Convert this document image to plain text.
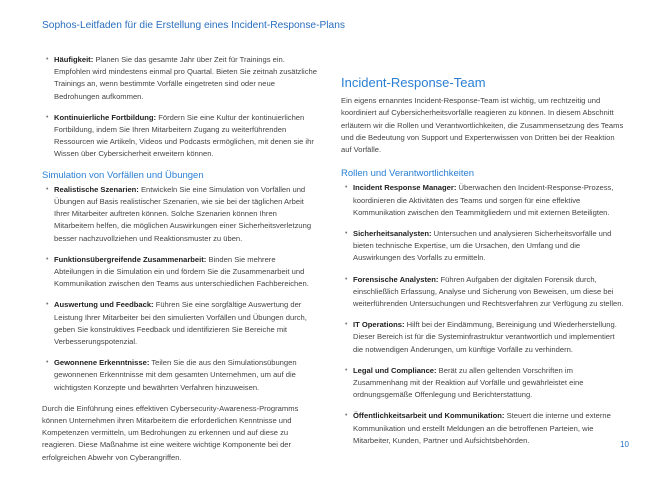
Sophos-Leitfaden für die Erstellung eines Incident-Response-Plans
• Häufigkeit: Planen Sie das gesamte Jahr über Zeit für Trainings ein. Empfohlen wird mindestens einmal pro Quartal. Bieten Sie zeitnah zusätzliche Trainings an, wenn bestimmte Vorfälle eingetreten sind oder neue Bedrohungen aufkommen.
• Kontinuierliche Fortbildung: Fördern Sie eine Kultur der kontinuierlichen Fortbildung, indem Sie Ihren Mitarbeitern Zugang zu weiterführenden Ressourcen wie Artikeln, Videos und Podcasts ermöglichen, mit denen sie ihr Wissen über Cybersicherheit erweitern können.
Simulation von Vorfällen und Übungen
• Realistische Szenarien: Entwickeln Sie eine Simulation von Vorfällen und Übungen auf Basis realistischer Szenarien, wie sie bei der täglichen Arbeit Ihrer Mitarbeiter auftreten können. Solche Szenarien können Ihren Mitarbeitern helfen, die möglichen Auswirkungen einer Sicherheitsverletzung besser nachzuvollziehen und Reaktionsmuster zu üben.
• Funktionsübergreifende Zusammenarbeit: Binden Sie mehrere Abteilungen in die Simulation ein und fördern Sie die Zusammenarbeit und Kommunikation zwischen den Teams aus unterschiedlichen Fachbereichen.
• Auswertung und Feedback: Führen Sie eine sorgfältige Auswertung der Leistung Ihrer Mitarbeiter bei den simulierten Vorfällen und Übungen durch, geben Sie konstruktives Feedback und identifizieren Sie Bereiche mit Verbesserungspotenzial.
• Gewonnene Erkenntnisse: Teilen Sie die aus den Simulationsübungen gewonnenen Erkenntnisse mit dem gesamten Unternehmen, um auf die wichtigsten Konzepte und bewährten Verfahren hinzuweisen.

Durch die Einführung eines effektiven Cybersecurity-Awareness-Programms können Unternehmen ihren Mitarbeitern die erforderlichen Kenntnisse und Kompetenzen vermitteln, um Bedrohungen zu erkennen und auf diese zu reagieren. Diese Maßnahme ist eine weitere wichtige Komponente bei der erfolgreichen Abwehr von Cyberangriffen.

Incident-Response-Team

Ein eigens ernanntes Incident-Response-Team ist wichtig, um rechtzeitig und koordiniert auf Cybersicherheitsvorfälle reagieren zu können. In diesem Abschnitt erläutern wir die Rollen und Verantwortlichkeiten, die Zusammensetzung des Teams und die Bedeutung von Support und Expertenwissen von Dritten bei der Reaktion auf Vorfälle.

Rollen und Verantwortlichkeiten
• Incident Response Manager: Überwachen den Incident-Response-Prozess, koordinieren die Aktivitäten des Teams und sorgen für eine effektive Kommunikation zwischen den Teammitgliedern und mit externen Beteiligten.
• Sicherheitsanalysten: Untersuchen und analysieren Sicherheitsvorfälle und bieten technische Expertise, um die Ursachen, den Umfang und die Auswirkungen des Vorfalls zu ermitteln.
• Forensische Analysten: Führen Aufgaben der digitalen Forensik durch, einschließlich Erfassung, Analyse und Sicherung von Beweisen, um diese bei weiterführenden Untersuchungen und Rechtsverfahren zur Verfügung zu stellen.
• IT Operations: Hilft bei der Eindämmung, Bereinigung und Wiederherstellung. Dieser Bereich ist für die Systeminfrastruktur verantwortlich und implementiert die notwendigen Änderungen, um künftige Vorfälle zu verhindern.
• Legal und Compliance: Berät zu allen geltenden Vorschriften im Zusammenhang mit der Reaktion auf Vorfälle und gewährleistet eine ordnungsgemäße Offenlegung und Berichterstattung.
• Öffentlichkeitsarbeit und Kommunikation: Steuert die interne und externe Kommunikation und erstellt Meldungen an die betroffenen Parteien, wie Mitarbeiter, Kunden, Partner und Aufsichtsbehörden.	10
